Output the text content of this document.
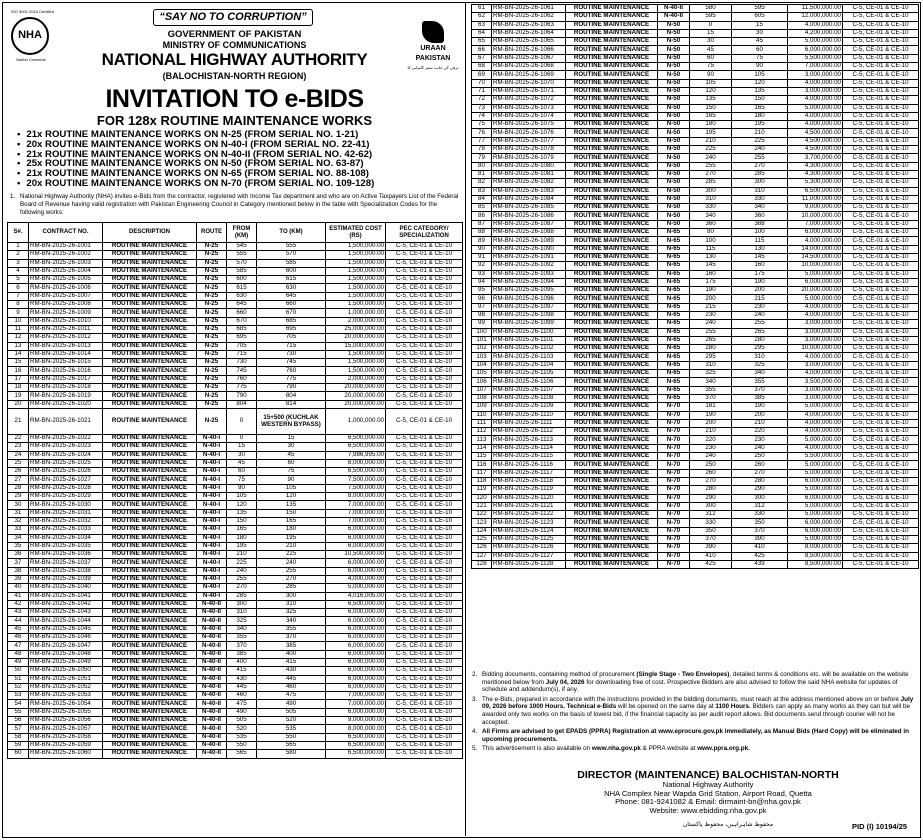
ISO 9001:2015 Certified
NHA
Nation Connects
“SAY NO TO CORRUPTION”
GOVERNMENT OF PAKISTAN
MINISTRY OF COMMUNICATIONS
NATIONAL HIGHWAY AUTHORITY
(BALOCHISTAN-NORTH REGION)
URAAN
PAKISTAN
ترقی کی جانب سفر کامیابی کا
INVITATION TO e-BIDS
FOR 128x ROUTINE MAINTENANCE WORKS
• 21x ROUTINE MAINTENANCE WORKS ON N-25 (FROM SERIAL NO. 1-21)
• 20x ROUTINE MAINTENANCE WORKS ON N-40-I (FROM SERIAL NO. 22-41)
• 21x ROUTINE MAINTENANCE WORKS ON N-40-II (FROM SERIAL NO. 42-62)
• 25x ROUTINE MAINTENANCE WORKS ON N-50 (FROM SERIAL NO. 63-87)
• 21x ROUTINE MAINTENANCE WORKS ON N-65 (FROM SERIAL NO. 88-108)
• 20x ROUTINE MAINTENANCE WORKS ON N-70 (FROM SERIAL NO. 109-128)
1. National Highway Authority (NHA) invites e-Bids from the contractor, registered with Income Tax department and who are on Active Taxpayers List of the Federal Board of Revenue having valid registration with Pakistan Engineering Council in Category mentioned below in the table with Specialization Codes for the following works:
S#.	CONTRACT NO.	DESCRIPTION	ROUTE	FROM (KM)	TO (KM)	ESTIMATED COST (RS)	PEC CATEGORY/ SPECIALIZATION
1	RM-BN-2025-26-1001	ROUTINE MAINTENANCE	N-25	545	555	1,500,000.00	C-5, CE-01 & CE-10
2	RM-BN-2025-26-1002	ROUTINE MAINTENANCE	N-25	555	570	1,500,000.00	C-5, CE-01 & CE-10
3	RM-BN-2025-26-1003	ROUTINE MAINTENANCE	N-25	570	585	1,500,000.00	C-5, CE-01 & CE-10
4	RM-BN-2025-26-1004	ROUTINE MAINTENANCE	N-25	585	600	1,500,000.00	C-5, CE-01 & CE-10
5	RM-BN-2025-26-1005	ROUTINE MAINTENANCE	N-25	600	615	1,500,000.00	C-5, CE-01 & CE-10
6	RM-BN-2025-26-1006	ROUTINE MAINTENANCE	N-25	615	630	1,500,000.00	C-5, CE-01 & CE-10
7	RM-BN-2025-26-1007	ROUTINE MAINTENANCE	N-25	630	645	1,500,000.00	C-5, CE-01 & CE-10
8	RM-BN-2025-26-1008	ROUTINE MAINTENANCE	N-25	645	660	1,500,000.00	C-5, CE-01 & CE-10
9	RM-BN-2025-26-1009	ROUTINE MAINTENANCE	N-25	660	670	1,000,000.00	C-5, CE-01 & CE-10
10	RM-BN-2025-26-1010	ROUTINE MAINTENANCE	N-25	670	685	2,000,000.00	C-5, CE-01 & CE-10
11	RM-BN-2025-26-1011	ROUTINE MAINTENANCE	N-25	685	695	25,000,000.00	C-5, CE-01 & CE-10
12	RM-BN-2025-26-1012	ROUTINE MAINTENANCE	N-25	695	705	20,000,000.00	C-5, CE-01 & CE-10
13	RM-BN-2025-26-1013	ROUTINE MAINTENANCE	N-25	705	715	15,000,000.00	C-5, CE-01 & CE-10
14	RM-BN-2025-26-1014	ROUTINE MAINTENANCE	N-25	715	730	1,500,000.00	C-5, CE-01 & CE-10
15	RM-BN-2025-26-1015	ROUTINE MAINTENANCE	N-25	730	745	1,500,000.00	C-5, CE-01 & CE-10
16	RM-BN-2025-26-1016	ROUTINE MAINTENANCE	N-25	745	760	1,500,000.00	C-5, CE-01 & CE-10
17	RM-BN-2025-26-1017	ROUTINE MAINTENANCE	N-25	760	775	2,000,000.00	C-5, CE-01 & CE-10
18	RM-BN-2025-26-1018	ROUTINE MAINTENANCE	N-25	775	790	20,000,000.00	C-5, CE-01 & CE-10
19	RM-BN-2025-26-1019	ROUTINE MAINTENANCE	N-25	790	804	20,000,000.00	C-5, CE-01 & CE-10
20	RM-BN-2025-26-1020	ROUTINE MAINTENANCE	N-25	804	814	20,000,000.00	C-5, CE-01 & CE-10
21	RM-BN-2025-26-1021	ROUTINE MAINTENANCE	N-25	0	15+500 (KUCHLAK WESTERN BYPASS)	1,000,000.00	C-5, CE-01 & CE-10
22	RM-BN-2025-26-1022	ROUTINE MAINTENANCE	N-40-I	0	15	6,500,000.00	C-5, CE-01 & CE-10
23	RM-BN-2025-26-1023	ROUTINE MAINTENANCE	N-40-I	15	30	6,500,000.00	C-5, CE-01 & CE-10
24	RM-BN-2025-26-1024	ROUTINE MAINTENANCE	N-40-I	30	45	7,986,995.00	C-5, CE-01 & CE-10
25	RM-BN-2025-26-1025	ROUTINE MAINTENANCE	N-40-I	45	60	8,000,000.00	C-5, CE-01 & CE-10
26	RM-BN-2025-26-1026	ROUTINE MAINTENANCE	N-40-I	60	75	6,500,000.00	C-5, CE-01 & CE-10
27	RM-BN-2025-26-1027	ROUTINE MAINTENANCE	N-40-I	75	90	7,500,000.00	C-5, CE-01 & CE-10
28	RM-BN-2025-26-1028	ROUTINE MAINTENANCE	N-40-I	90	105	7,500,000.00	C-5, CE-01 & CE-10
29	RM-BN-2025-26-1029	ROUTINE MAINTENANCE	N-40-I	105	120	8,000,000.00	C-5, CE-01 & CE-10
30	RM-BN-2025-26-1030	ROUTINE MAINTENANCE	N-40-I	120	135	7,000,000.00	C-5, CE-01 & CE-10
31	RM-BN-2025-26-1031	ROUTINE MAINTENANCE	N-40-I	135	150	7,000,000.00	C-5, CE-01 & CE-10
32	RM-BN-2025-26-1032	ROUTINE MAINTENANCE	N-40-I	150	165	7,000,000.00	C-5, CE-01 & CE-10
33	RM-BN-2025-26-1033	ROUTINE MAINTENANCE	N-40-I	165	180	6,000,000.00	C-5, CE-01 & CE-10
34	RM-BN-2025-26-1034	ROUTINE MAINTENANCE	N-40-I	180	195	6,000,000.00	C-5, CE-01 & CE-10
35	RM-BN-2025-26-1035	ROUTINE MAINTENANCE	N-40-I	195	210	6,000,000.00	C-5, CE-01 & CE-10
36	RM-BN-2025-26-1036	ROUTINE MAINTENANCE	N-40-I	210	225	10,500,000.00	C-5, CE-01 & CE-10
37	RM-BN-2025-26-1037	ROUTINE MAINTENANCE	N-40-I	225	240	6,000,000.00	C-5, CE-01 & CE-10
38	RM-BN-2025-26-1038	ROUTINE MAINTENANCE	N-40-I	240	255	6,000,000.00	C-5, CE-01 & CE-10
39	RM-BN-2025-26-1039	ROUTINE MAINTENANCE	N-40-I	255	270	4,000,000.00	C-5, CE-01 & CE-10
40	RM-BN-2025-26-1040	ROUTINE MAINTENANCE	N-40-I	270	285	5,000,000.00	C-5, CE-01 & CE-10
41	RM-BN-2025-26-1041	ROUTINE MAINTENANCE	N-40-I	285	300	4,016,005.00	C-5, CE-01 & CE-10
42	RM-BN-2025-26-1042	ROUTINE MAINTENANCE	N-40-II	300	310	6,500,000.00	C-5, CE-01 & CE-10
43	RM-BN-2025-26-1043	ROUTINE MAINTENANCE	N-40-II	310	325	6,000,000.00	C-5, CE-01 & CE-10
44	RM-BN-2025-26-1044	ROUTINE MAINTENANCE	N-40-II	325	340	6,000,000.00	C-5, CE-01 & CE-10
45	RM-BN-2025-26-1045	ROUTINE MAINTENANCE	N-40-II	340	355	6,000,000.00	C-5, CE-01 & CE-10
46	RM-BN-2025-26-1046	ROUTINE MAINTENANCE	N-40-II	355	370	6,000,000.00	C-5, CE-01 & CE-10
47	RM-BN-2025-26-1047	ROUTINE MAINTENANCE	N-40-II	370	385	6,000,000.00	C-5, CE-01 & CE-10
48	RM-BN-2025-26-1048	ROUTINE MAINTENANCE	N-40-II	385	400	6,000,000.00	C-5, CE-01 & CE-10
49	RM-BN-2025-26-1049	ROUTINE MAINTENANCE	N-40-II	400	415	6,000,000.00	C-5, CE-01 & CE-10
50	RM-BN-2025-26-1050	ROUTINE MAINTENANCE	N-40-II	415	430	6,000,000.00	C-5, CE-01 & CE-10
51	RM-BN-2025-26-1051	ROUTINE MAINTENANCE	N-40-II	430	445	6,000,000.00	C-5, CE-01 & CE-10
52	RM-BN-2025-26-1052	ROUTINE MAINTENANCE	N-40-II	445	460	6,000,000.00	C-5, CE-01 & CE-10
53	RM-BN-2025-26-1053	ROUTINE MAINTENANCE	N-40-II	460	475	7,000,000.00	C-5, CE-01 & CE-10
54	RM-BN-2025-26-1054	ROUTINE MAINTENANCE	N-40-II	475	490	7,000,000.00	C-5, CE-01 & CE-10
55	RM-BN-2025-26-1055	ROUTINE MAINTENANCE	N-40-II	490	505	6,000,000.00	C-5, CE-01 & CE-10
56	RM-BN-2025-26-1056	ROUTINE MAINTENANCE	N-40-II	505	520	9,000,000.00	C-5, CE-01 & CE-10
57	RM-BN-2025-26-1057	ROUTINE MAINTENANCE	N-40-II	520	535	8,000,000.00	C-5, CE-01 & CE-10
58	RM-BN-2025-26-1058	ROUTINE MAINTENANCE	N-40-II	535	550	6,500,000.00	C-5, CE-01 & CE-10
59	RM-BN-2025-26-1059	ROUTINE MAINTENANCE	N-40-II	550	565	6,500,000.00	C-5, CE-01 & CE-10
60	RM-BN-2025-26-1060	ROUTINE MAINTENANCE	N-40-II	565	580	6,500,000.00	C-5, CE-01 & CE-10
61	RM-BN-2025-26-1061	ROUTINE MAINTENANCE	N-40-II	580	595	11,500,000.00	C-5, CE-01 & CE-10
62	RM-BN-2025-26-1062	ROUTINE MAINTENANCE	N-40-II	595	605	12,000,000.00	C-5, CE-01 & CE-10
63	RM-BN-2025-26-1063	ROUTINE MAINTENANCE	N-50	0	15	4,000,000.00	C-5, CE-01 & CE-10
64	RM-BN-2025-26-1064	ROUTINE MAINTENANCE	N-50	15	30	4,200,000.00	C-5, CE-01 & CE-10
65	RM-BN-2025-26-1065	ROUTINE MAINTENANCE	N-50	30	45	5,000,000.00	C-5, CE-01 & CE-10
66	RM-BN-2025-26-1066	ROUTINE MAINTENANCE	N-50	45	60	6,000,000.00	C-5, CE-01 & CE-10
67	RM-BN-2025-26-1067	ROUTINE MAINTENANCE	N-50	60	75	5,500,000.00	C-5, CE-01 & CE-10
68	RM-BN-2025-26-1068	ROUTINE MAINTENANCE	N-50	75	90	7,000,000.00	C-5, CE-01 & CE-10
69	RM-BN-2025-26-1069	ROUTINE MAINTENANCE	N-50	90	105	3,000,000.00	C-5, CE-01 & CE-10
70	RM-BN-2025-26-1070	ROUTINE MAINTENANCE	N-50	105	120	4,000,000.00	C-5, CE-01 & CE-10
71	RM-BN-2025-26-1071	ROUTINE MAINTENANCE	N-50	120	135	3,000,000.00	C-5, CE-01 & CE-10
72	RM-BN-2025-26-1072	ROUTINE MAINTENANCE	N-50	135	150	4,000,000.00	C-5, CE-01 & CE-10
73	RM-BN-2025-26-1073	ROUTINE MAINTENANCE	N-50	150	165	5,000,000.00	C-5, CE-01 & CE-10
74	RM-BN-2025-26-1074	ROUTINE MAINTENANCE	N-50	165	180	4,000,000.00	C-5, CE-01 & CE-10
75	RM-BN-2025-26-1075	ROUTINE MAINTENANCE	N-50	180	195	4,000,000.00	C-5, CE-01 & CE-10
76	RM-BN-2025-26-1076	ROUTINE MAINTENANCE	N-50	195	210	4,500,000.00	C-5, CE-01 & CE-10
77	RM-BN-2025-26-1077	ROUTINE MAINTENANCE	N-50	210	225	4,500,000.00	C-5, CE-01 & CE-10
78	RM-BN-2025-26-1078	ROUTINE MAINTENANCE	N-50	225	240	4,500,000.00	C-5, CE-01 & CE-10
79	RM-BN-2025-26-1079	ROUTINE MAINTENANCE	N-50	240	255	3,700,000.00	C-5, CE-01 & CE-10
80	RM-BN-2025-26-1080	ROUTINE MAINTENANCE	N-50	255	270	4,300,000.00	C-5, CE-01 & CE-10
81	RM-BN-2025-26-1081	ROUTINE MAINTENANCE	N-50	270	285	4,300,000.00	C-5, CE-01 & CE-10
82	RM-BN-2025-26-1082	ROUTINE MAINTENANCE	N-50	285	300	5,300,000.00	C-5, CE-01 & CE-10
83	RM-BN-2025-26-1083	ROUTINE MAINTENANCE	N-50	300	310	6,500,000.00	C-5, CE-01 & CE-10
84	RM-BN-2025-26-1084	ROUTINE MAINTENANCE	N-50	310	330	11,000,000.00	C-5, CE-01 & CE-10
85	RM-BN-2025-26-1085	ROUTINE MAINTENANCE	N-50	330	340	9,000,000.00	C-5, CE-01 & CE-10
86	RM-BN-2025-26-1086	ROUTINE MAINTENANCE	N-50	340	360	10,000,000.00	C-5, CE-01 & CE-10
87	RM-BN-2025-26-1087	ROUTINE MAINTENANCE	N-50	360	388	7,000,000.00	C-5, CE-01 & CE-10
88	RM-BN-2025-26-1088	ROUTINE MAINTENANCE	N-65	80	100	6,000,000.00	C-5, CE-01 & CE-10
89	RM-BN-2025-26-1089	ROUTINE MAINTENANCE	N-65	100	115	4,000,000.00	C-5, CE-01 & CE-10
90	RM-BN-2025-26-1090	ROUTINE MAINTENANCE	N-65	115	130	14,000,000.00	C-5, CE-01 & CE-10
91	RM-BN-2025-26-1091	ROUTINE MAINTENANCE	N-65	130	145	14,500,000.00	C-5, CE-01 & CE-10
92	RM-BN-2025-26-1092	ROUTINE MAINTENANCE	N-65	145	160	10,000,000.00	C-5, CE-01 & CE-10
93	RM-BN-2025-26-1093	ROUTINE MAINTENANCE	N-65	160	175	5,000,000.00	C-5, CE-01 & CE-10
94	RM-BN-2025-26-1094	ROUTINE MAINTENANCE	N-65	175	190	6,000,000.00	C-5, CE-01 & CE-10
95	RM-BN-2025-26-1095	ROUTINE MAINTENANCE	N-65	190	200	20,000,000.00	C-5, CE-01 & CE-10
96	RM-BN-2025-26-1096	ROUTINE MAINTENANCE	N-65	200	215	5,000,000.00	C-5, CE-01 & CE-10
97	RM-BN-2025-26-1097	ROUTINE MAINTENANCE	N-65	215	230	4,000,000.00	C-5, CE-01 & CE-10
98	RM-BN-2025-26-1098	ROUTINE MAINTENANCE	N-65	230	240	4,000,000.00	C-5, CE-01 & CE-10
99	RM-BN-2025-26-1099	ROUTINE MAINTENANCE	N-65	240	255	3,000,000.00	C-5, CE-01 & CE-10
100	RM-BN-2025-26-1100	ROUTINE MAINTENANCE	N-65	255	265	3,000,000.00	C-5, CE-01 & CE-10
101	RM-BN-2025-26-1101	ROUTINE MAINTENANCE	N-65	265	280	3,000,000.00	C-5, CE-01 & CE-10
102	RM-BN-2025-26-1102	ROUTINE MAINTENANCE	N-65	280	295	10,000,000.00	C-5, CE-01 & CE-10
103	RM-BN-2025-26-1103	ROUTINE MAINTENANCE	N-65	295	310	4,000,000.00	C-5, CE-01 & CE-10
104	RM-BN-2025-26-1104	ROUTINE MAINTENANCE	N-65	310	325	3,000,000.00	C-5, CE-01 & CE-10
105	RM-BN-2025-26-1105	ROUTINE MAINTENANCE	N-65	325	340	4,000,000.00	C-5, CE-01 & CE-10
106	RM-BN-2025-26-1106	ROUTINE MAINTENANCE	N-65	340	355	3,500,000.00	C-5, CE-01 & CE-10
107	RM-BN-2025-26-1107	ROUTINE MAINTENANCE	N-65	355	370	3,000,000.00	C-5, CE-01 & CE-10
108	RM-BN-2025-26-1108	ROUTINE MAINTENANCE	N-65	370	385	3,000,000.00	C-5, CE-01 & CE-10
109	RM-BN-2025-26-1109	ROUTINE MAINTENANCE	N-70	181	190	5,000,000.00	C-5, CE-01 & CE-10
110	RM-BN-2025-26-1110	ROUTINE MAINTENANCE	N-70	190	200	4,000,000.00	C-5, CE-01 & CE-10
111	RM-BN-2025-26-1111	ROUTINE MAINTENANCE	N-70	200	210	4,000,000.00	C-5, CE-01 & CE-10
112	RM-BN-2025-26-1112	ROUTINE MAINTENANCE	N-70	210	220	4,000,000.00	C-5, CE-01 & CE-10
113	RM-BN-2025-26-1113	ROUTINE MAINTENANCE	N-70	220	230	5,000,000.00	C-5, CE-01 & CE-10
114	RM-BN-2025-26-1114	ROUTINE MAINTENANCE	N-70	230	240	4,000,000.00	C-5, CE-01 & CE-10
115	RM-BN-2025-26-1115	ROUTINE MAINTENANCE	N-70	240	250	5,500,000.00	C-5, CE-01 & CE-10
116	RM-BN-2025-26-1116	ROUTINE MAINTENANCE	N-70	250	260	5,000,000.00	C-5, CE-01 & CE-10
117	RM-BN-2025-26-1117	ROUTINE MAINTENANCE	N-70	260	270	5,000,000.00	C-5, CE-01 & CE-10
118	RM-BN-2025-26-1118	ROUTINE MAINTENANCE	N-70	270	280	6,000,000.00	C-5, CE-01 & CE-10
119	RM-BN-2025-26-1119	ROUTINE MAINTENANCE	N-70	280	290	5,000,000.00	C-5, CE-01 & CE-10
120	RM-BN-2025-26-1120	ROUTINE MAINTENANCE	N-70	290	300	6,000,000.00	C-5, CE-01 & CE-10
121	RM-BN-2025-26-1121	ROUTINE MAINTENANCE	N-70	300	312	5,000,000.00	C-5, CE-01 & CE-10
122	RM-BN-2025-26-1122	ROUTINE MAINTENANCE	N-70	312	330	5,000,000.00	C-5, CE-01 & CE-10
123	RM-BN-2025-26-1123	ROUTINE MAINTENANCE	N-70	330	350	6,000,000.00	C-5, CE-01 & CE-10
124	RM-BN-2025-26-1124	ROUTINE MAINTENANCE	N-70	350	370	6,000,000.00	C-5, CE-01 & CE-10
125	RM-BN-2025-26-1125	ROUTINE MAINTENANCE	N-70	370	390	5,000,000.00	C-5, CE-01 & CE-10
126	RM-BN-2025-26-1126	ROUTINE MAINTENANCE	N-70	390	410	8,000,000.00	C-5, CE-01 & CE-10
127	RM-BN-2025-26-1127	ROUTINE MAINTENANCE	N-70	410	425	8,500,000.00	C-5, CE-01 & CE-10
128	RM-BN-2025-26-1128	ROUTINE MAINTENANCE	N-70	425	439	8,500,000.00	C-5, CE-01 & CE-10
2. Bidding documents, containing method of procurement (Single Stage - Two Envelopes), detailed terms & conditions etc. will be available on the website mentioned below from July 04, 2026 for downloading free of cost. Prospective Bidders are also advised to follow the said NHA website for updates of schedule and addendum(s), if any.
3. The e-Bids, prepared in accordance with the instructions provided in the bidding documents, must reach at the address mentioned above on or before July 09, 2026 before 1000 Hours. Technical e-Bids will be opened on the same day at 1100 Hours. Bidders can apply as many works as they can but will be awarded only two works on the basis of lowest bid, if the financial capacity as per audit report allows. Bid documents send through courier will not be accepted.
4. All Firms are advised to get EPADS (PPRA) Registration at www.eprocure.gov.pk immediately, as Manual Bids (Hard Copy) will be eliminated in upcoming procurements.
5. This advertisement is also available on www.nha.gov.pk & PPRA website at www.ppra.org.pk.
DIRECTOR (MAINTENANCE) BALOCHISTAN-NORTH
National Highway Authority
NHA Complex Near Wapda Grid Station, Airport Road, Quetta
Phone: 081-9241082 & Email: dirmaint-bn@nha.gov.pk
Website: www.ebidding.nha.gov.pk
محفوظ شاہراہیں، محفوظ پاکستان	PID (I) 10194/25
